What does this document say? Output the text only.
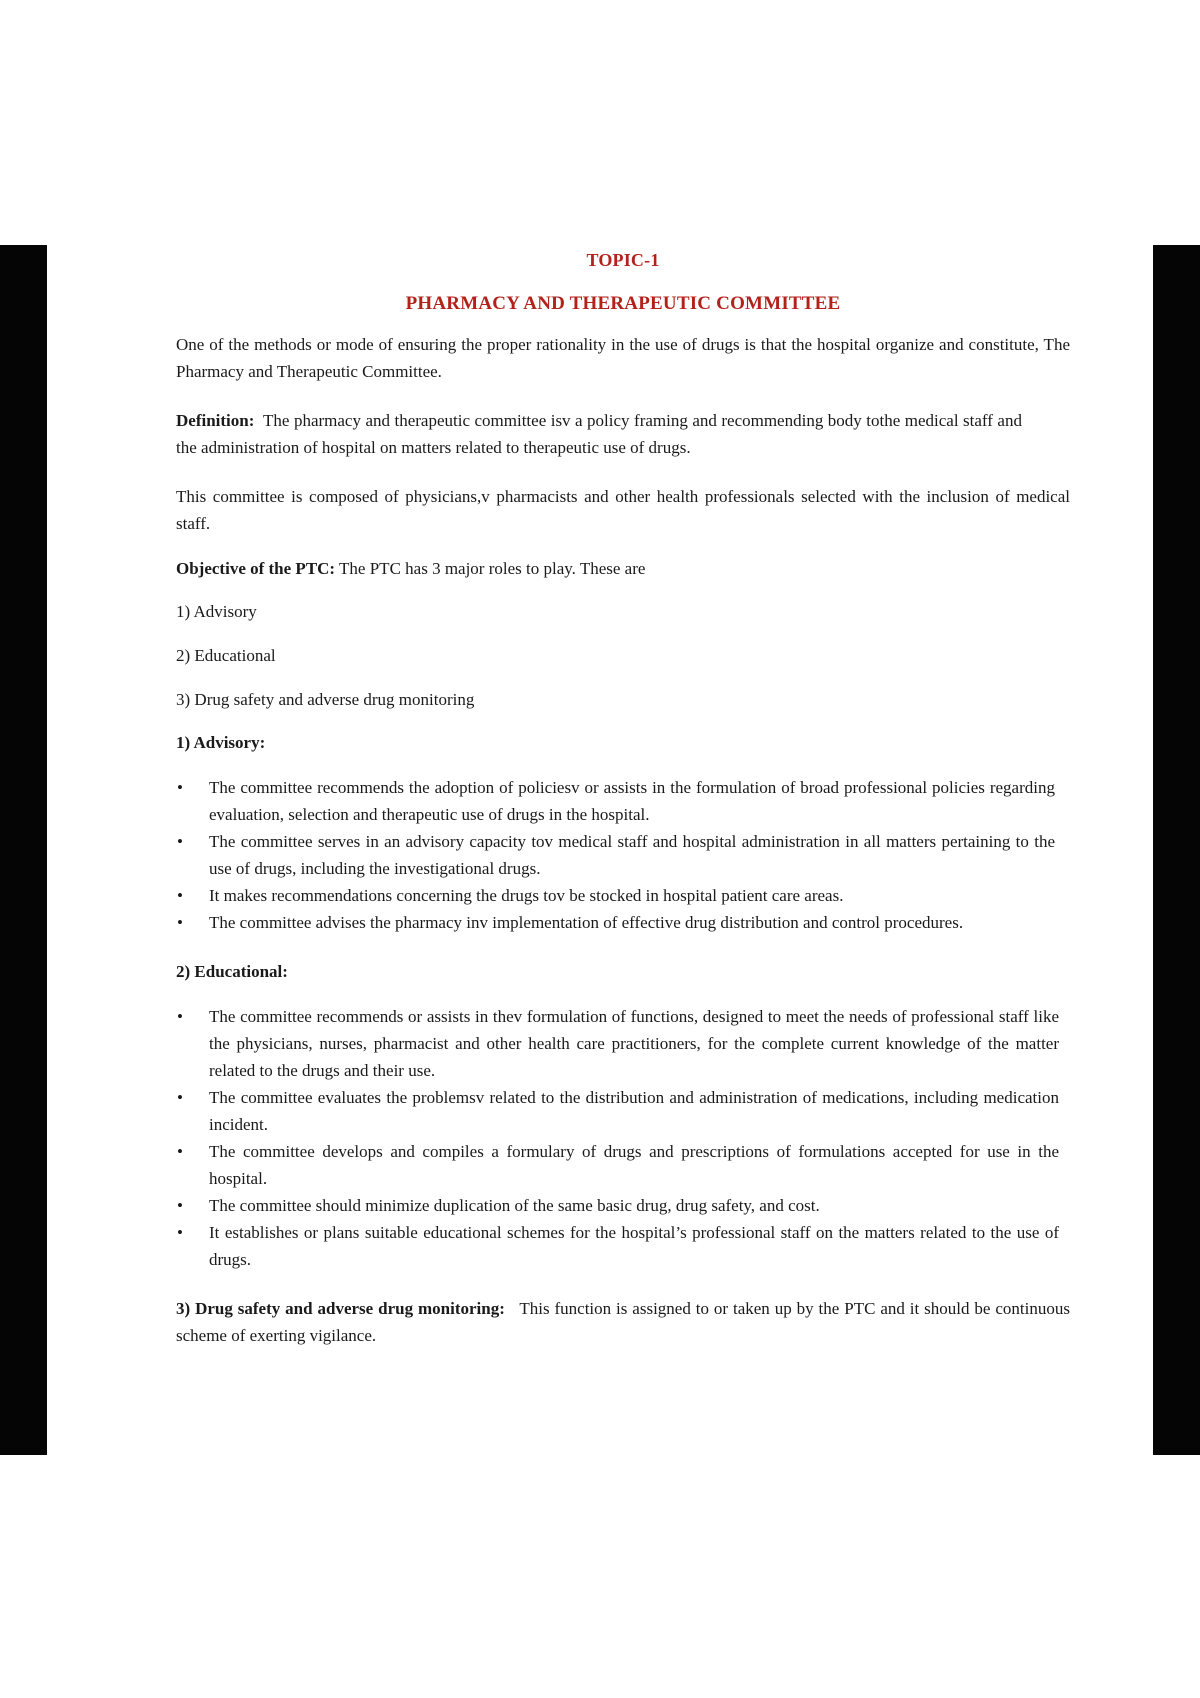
TOPIC-1
PHARMACY AND THERAPEUTIC COMMITTEE

One of the methods or mode of ensuring the proper rationality in the use of drugs is that the hospital organize and constitute, The Pharmacy and Therapeutic Committee.

Definition: The pharmacy and therapeutic committee isv a policy framing and recommending body tothe medical staff and the administration of hospital on matters related to therapeutic use of drugs.

This committee is composed of physicians,v pharmacists and other health professionals selected with the inclusion of medical staff.

Objective of the PTC: The PTC has 3 major roles to play. These are

1) Advisory

2) Educational

3) Drug safety and adverse drug monitoring

1) Advisory:

•	The committee recommends the adoption of policiesv or assists in the formulation of broad professional policies regarding evaluation, selection and therapeutic use of drugs in the hospital.
•	The committee serves in an advisory capacity tov medical staff and hospital administration in all matters pertaining to the use of drugs, including the investigational drugs.
•	It makes recommendations concerning the drugs tov be stocked in hospital patient care areas.
•	The committee advises the pharmacy inv implementation of effective drug distribution and control procedures.

2) Educational:

•	The committee recommends or assists in thev formulation of functions, designed to meet the needs of professional staff like the physicians, nurses, pharmacist and other health care practitioners, for the complete current knowledge of the matter related to the drugs and their use.
•	The committee evaluates the problemsv related to the distribution and administration of medications, including medication incident.
•	The committee develops and compiles a formulary of drugs and prescriptions of formulations accepted for use in the hospital.
•	The committee should minimize duplication of the same basic drug, drug safety, and cost.
•	It establishes or plans suitable educational schemes for the hospital’s professional staff on the matters related to the use of drugs.

3) Drug safety and adverse drug monitoring: This function is assigned to or taken up by the PTC and it should be continuous scheme of exerting vigilance.
